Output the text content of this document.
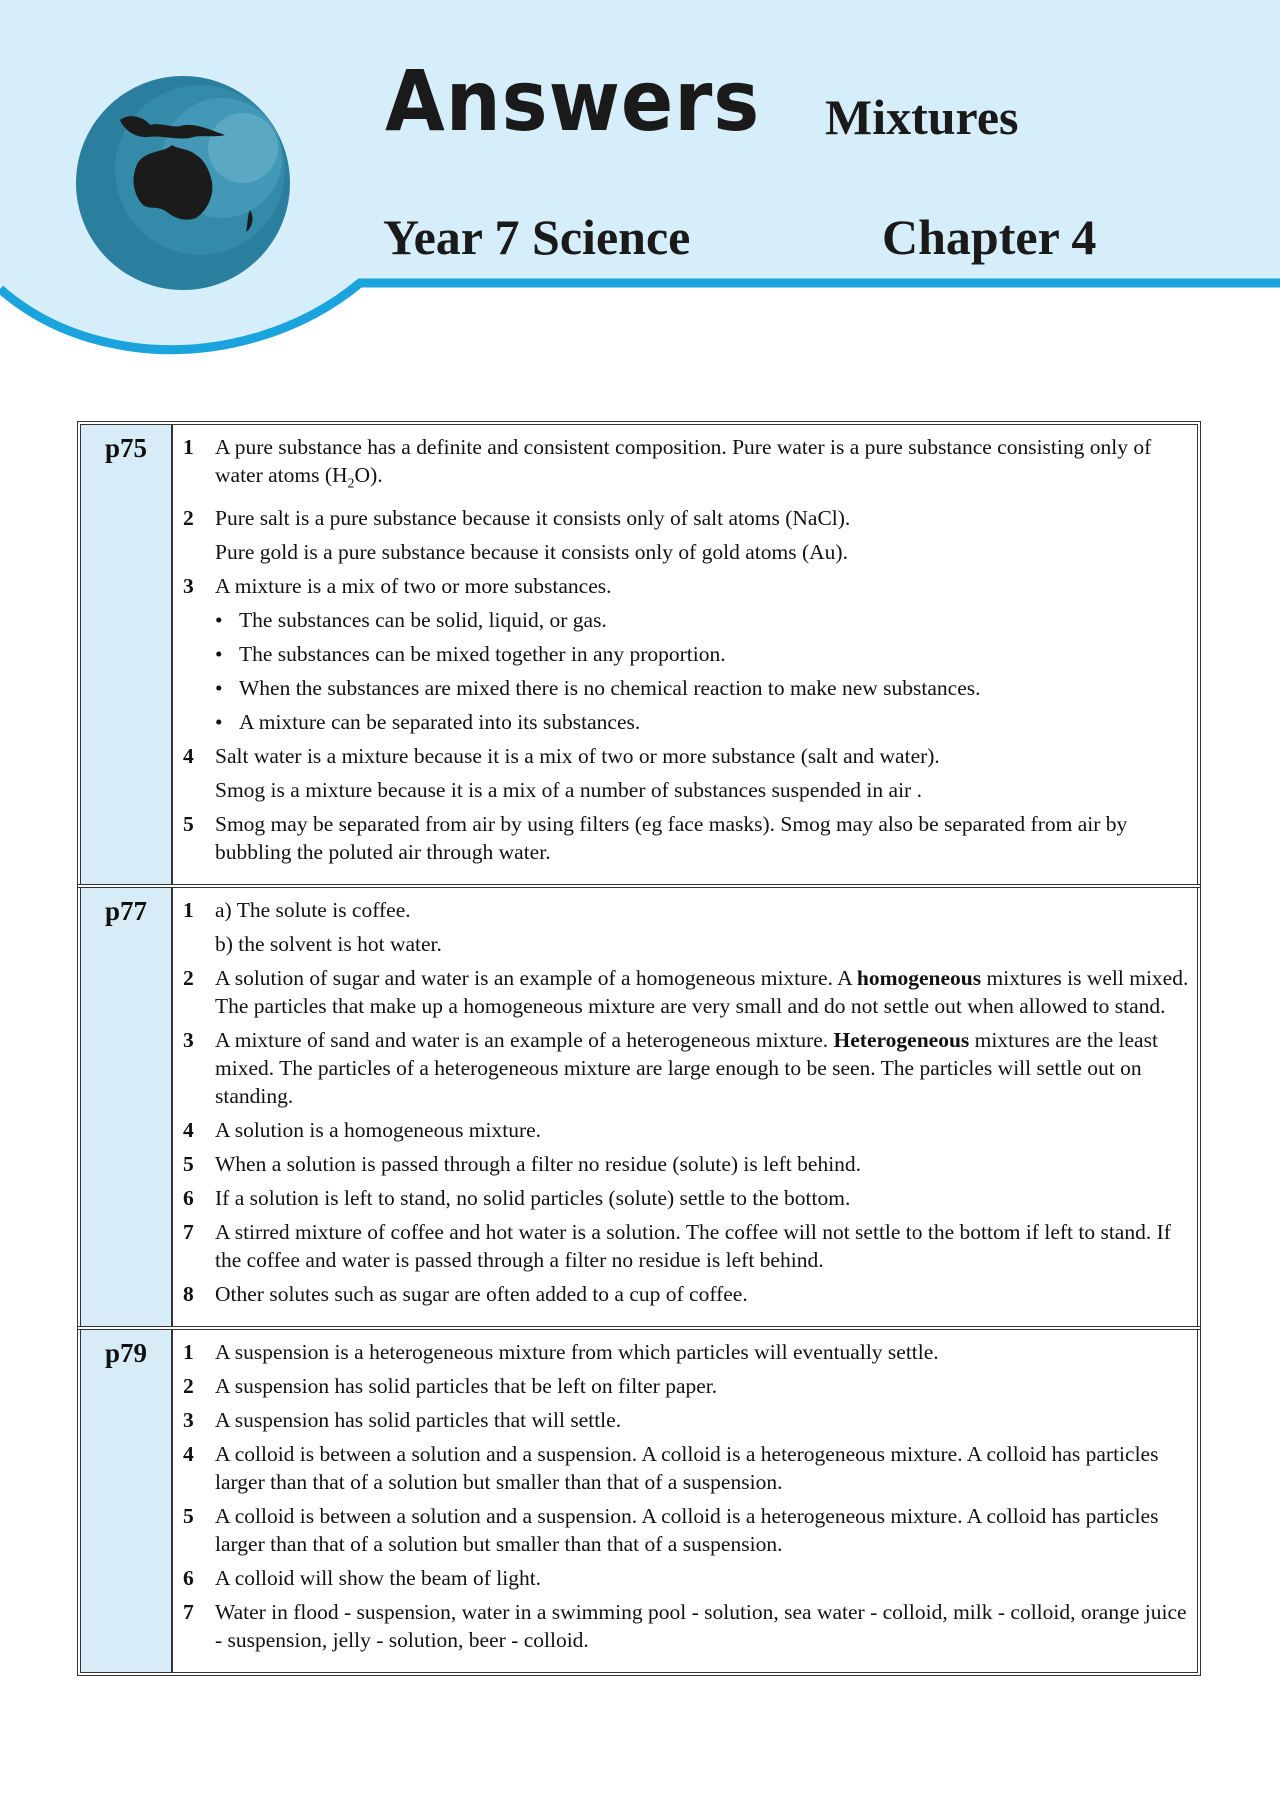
Answers Mixtures
Year 7 Science	Chapter 4
p75	1 A pure substance has a definite and consistent composition. Pure water is a pure substance consisting only of water atoms $(H_2O)$.
2 Pure salt is a pure substance because it consists only of salt atoms (NaCl).
Pure gold is a pure substance because it consists only of gold atoms (Au).
3 A mixture is a mix of two or more substances.
• The substances can be solid, liquid, or gas.
• The substances can be mixed together in any proportion.
• When the substances are mixed there is no chemical reaction to make new substances.
• A mixture can be separated into its substances.
4 Salt water is a mixture because it is a mix of two or more substance (salt and water).
Smog is a mixture because it is a mix of a number of substances suspended in air .
5 Smog may be separated from air by using filters (eg face masks). Smog may also be separated from air by bubbling the poluted air through water.
p77	1 a) The solute is coffee.
b) the solvent is hot water.
2 A solution of sugar and water is an example of a homogeneous mixture. A homogeneous mixtures is well mixed. The particles that make up a homogeneous mixture are very small and do not settle out when allowed to stand.
3 A mixture of sand and water is an example of a heterogeneous mixture. Heterogeneous mixtures are the least mixed. The particles of a heterogeneous mixture are large enough to be seen. The particles will settle out on standing.
4 A solution is a homogeneous mixture.
5 When a solution is passed through a filter no residue (solute) is left behind.
6 If a solution is left to stand, no solid particles (solute) settle to the bottom.
7 A stirred mixture of coffee and hot water is a solution. The coffee will not settle to the bottom if left to stand. If the coffee and water is passed through a filter no residue is left behind.
8 Other solutes such as sugar are often added to a cup of coffee.
p79	1 A suspension is a heterogeneous mixture from which particles will eventually settle.
2 A suspension has solid particles that be left on filter paper.
3 A suspension has solid particles that will settle.
4 A colloid is between a solution and a suspension. A colloid is a heterogeneous mixture. A colloid has particles larger than that of a solution but smaller than that of a suspension.
5 A colloid is between a solution and a suspension. A colloid is a heterogeneous mixture. A colloid has particles larger than that of a solution but smaller than that of a suspension.
6 A colloid will show the beam of light.
7 Water in flood - suspension, water in a swimming pool - solution, sea water - colloid, milk - colloid, orange juice - suspension, jelly - solution, beer - colloid.
